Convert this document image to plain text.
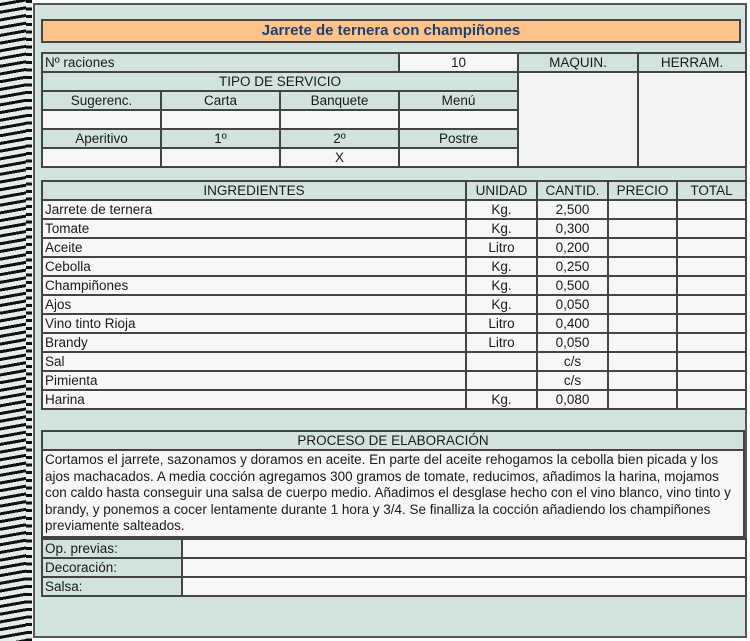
Jarrete de ternera con champiñones
Nº raciones			10	MAQUIN.	HERRAM.
TIPO DE SERVICIO					
Sugerenc.	Carta	Banquete	Menú		

Aperitivo	1º	2º	Postre		
		X			
INGREDIENTES	UNIDAD	CANTID.	PRECIO	TOTAL
Jarrete de ternera	Kg.	2,500		
Tomate	Kg.	0,300		
Aceite	Litro	0,200		
Cebolla	Kg.	0,250		
Champiñones	Kg.	0,500		
Ajos	Kg.	0,050		
Vino tinto Rioja	Litro	0,400		
Brandy	Litro	0,050		
Sal		c/s		
Pimienta		c/s		
Harina	Kg.	0,080		
PROCESO DE ELABORACIÓN
Cortamos el jarrete, sazonamos y doramos en aceite. En parte del aceite rehogamos la cebolla bien picada y los ajos machacados. A media cocción agregamos 300 gramos de tomate, reducimos, añadimos la harina, mojamos con caldo hasta conseguir una salsa de cuerpo medio. Añadimos el desglase hecho con el vino blanco, vino tinto y brandy, y ponemos a cocer lentamente durante 1 hora y 3/4. Se finalliza la cocción añadiendo los champiñones previamente salteados.
Op. previas:	
Decoración:	
Salsa:	
